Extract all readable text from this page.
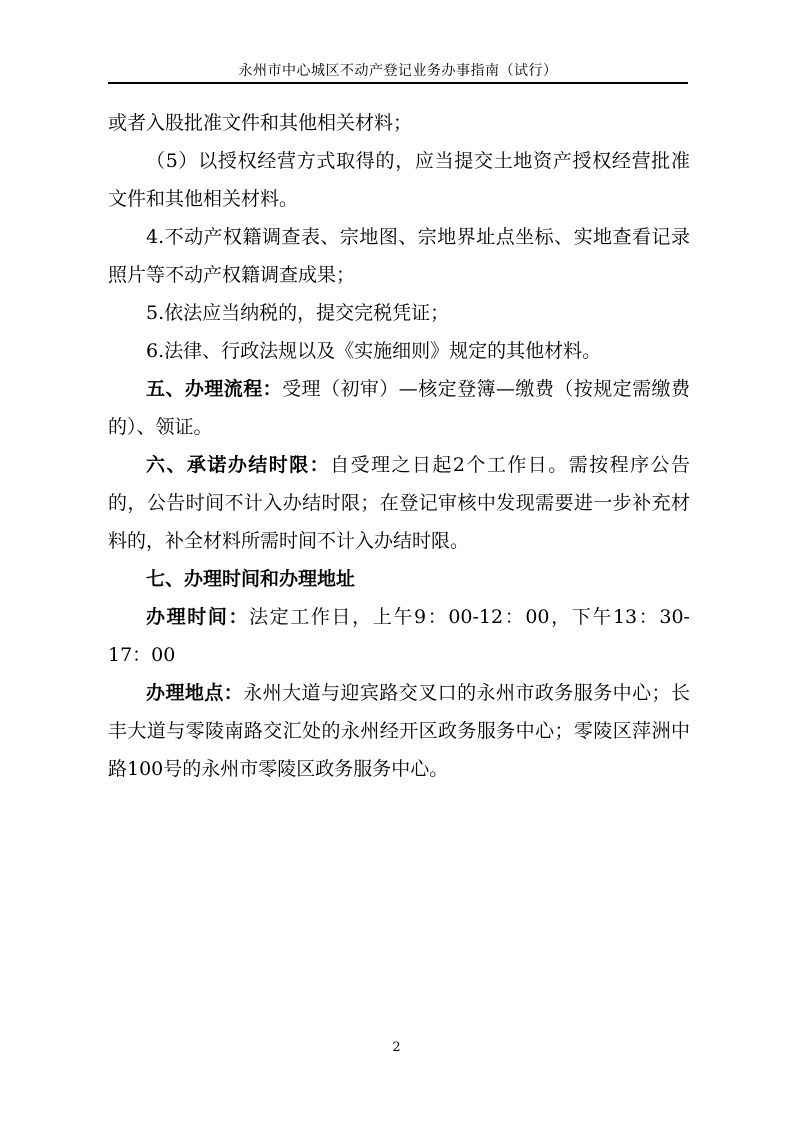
永州市中心城区不动产登记业务办事指南（试行）

或者入股批准文件和其他相关材料；

（5）以授权经营方式取得的，应当提交土地资产授权经营批准文件和其他相关材料。

4.不动产权籍调查表、宗地图、宗地界址点坐标、实地查看记录照片等不动产权籍调查成果；

5.依法应当纳税的，提交完税凭证；

6.法律、行政法规以及《实施细则》规定的其他材料。

五、办理流程：受理（初审）—核定登簿—缴费（按规定需缴费的）、领证。

六、承诺办结时限：自受理之日起2个工作日。需按程序公告的，公告时间不计入办结时限；在登记审核中发现需要进一步补充材料的，补全材料所需时间不计入办结时限。

七、办理时间和办理地址

办理时间：法定工作日，上午9：00-12：00，下午13：30-17：00

办理地点：永州大道与迎宾路交叉口的永州市政务服务中心；长丰大道与零陵南路交汇处的永州经开区政务服务中心；零陵区萍洲中路100号的永州市零陵区政务服务中心。

2
